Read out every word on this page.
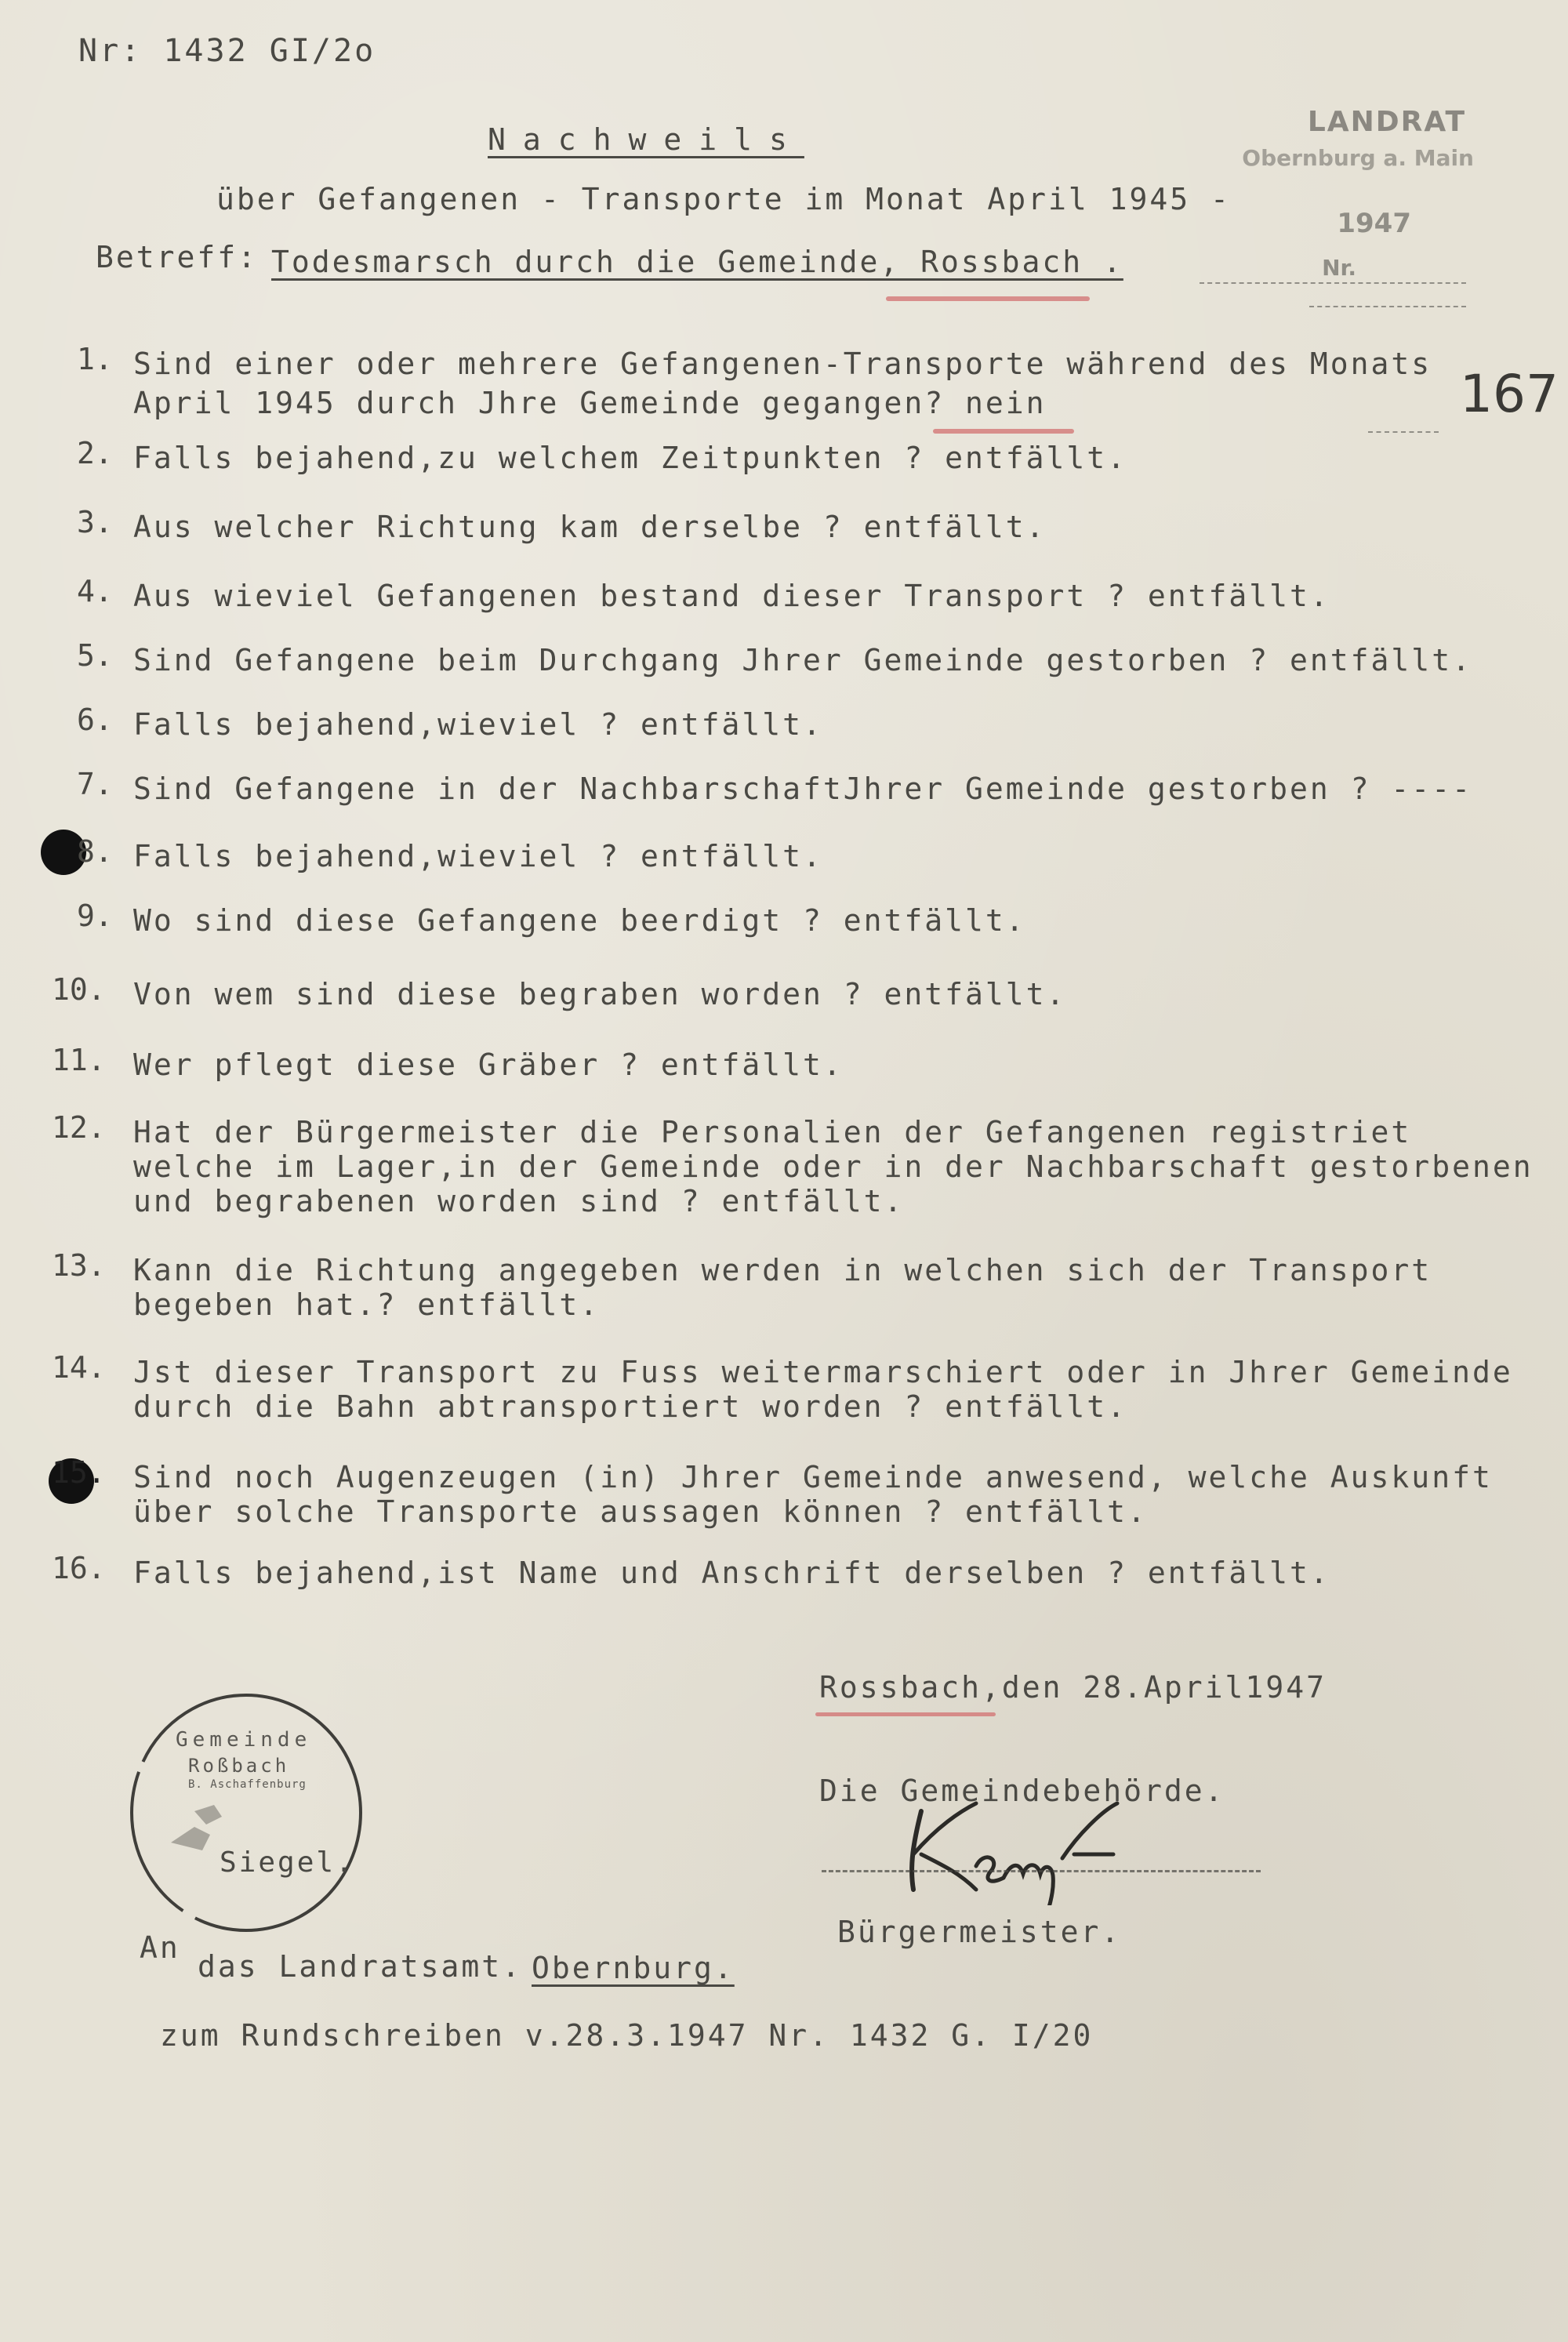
Nr: 1432 GI/2o
LANDRAT
Obernburg a. Main
1947
Nr.
Nachweils
über Gefangenen - Transporte im Monat April 1945 -
Betreff: Todesmarsch durch die Gemeinde, Rossbach .
167
1. Sind einer oder mehrere Gefangenen-Transporte während des Monats
April 1945 durch Jhre Gemeinde gegangen? nein
2. Falls bejahend,zu welchem Zeitpunkten ? entfällt.
3. Aus welcher Richtung kam derselbe ? entfällt.
4. Aus wieviel Gefangenen bestand dieser Transport ? entfällt.
5. Sind Gefangene beim Durchgang Jhrer Gemeinde gestorben ? entfällt.
6. Falls bejahend,wieviel ? entfällt.
7. Sind Gefangene in der NachbarschaftJhrer Gemeinde gestorben ? ----
8. Falls bejahend,wieviel ? entfällt.
9. Wo sind diese Gefangene beerdigt ? entfällt.
10. Von wem sind diese begraben worden ? entfällt.
11. Wer pflegt diese Gräber ? entfällt.
12. Hat der Bürgermeister die Personalien der Gefangenen registriet
welche im Lager,in der Gemeinde oder in der Nachbarschaft gestorbenen
und begrabenen worden sind ? entfällt.
13. Kann die Richtung angegeben werden in welchen sich der Transport
begeben hat.? entfällt.
14. Jst dieser Transport zu Fuss weitermarschiert oder in Jhrer Gemeinde
durch die Bahn abtransportiert worden ? entfällt.
15. Sind noch Augenzeugen (in) Jhrer Gemeinde anwesend, welche Auskunft
über solche Transporte aussagen können ? entfällt.
16. Falls bejahend,ist Name und Anschrift derselben ? entfällt.
Rossbach,den 28.April1947
Die Gemeindebehörde.
Bürgermeister.
Gemeinde
Roßbach
B. Aschaffenburg
Siegel.
An
das Landratsamt. Obernburg.
zum Rundschreiben v.28.3.1947 Nr. 1432 G. I/20
